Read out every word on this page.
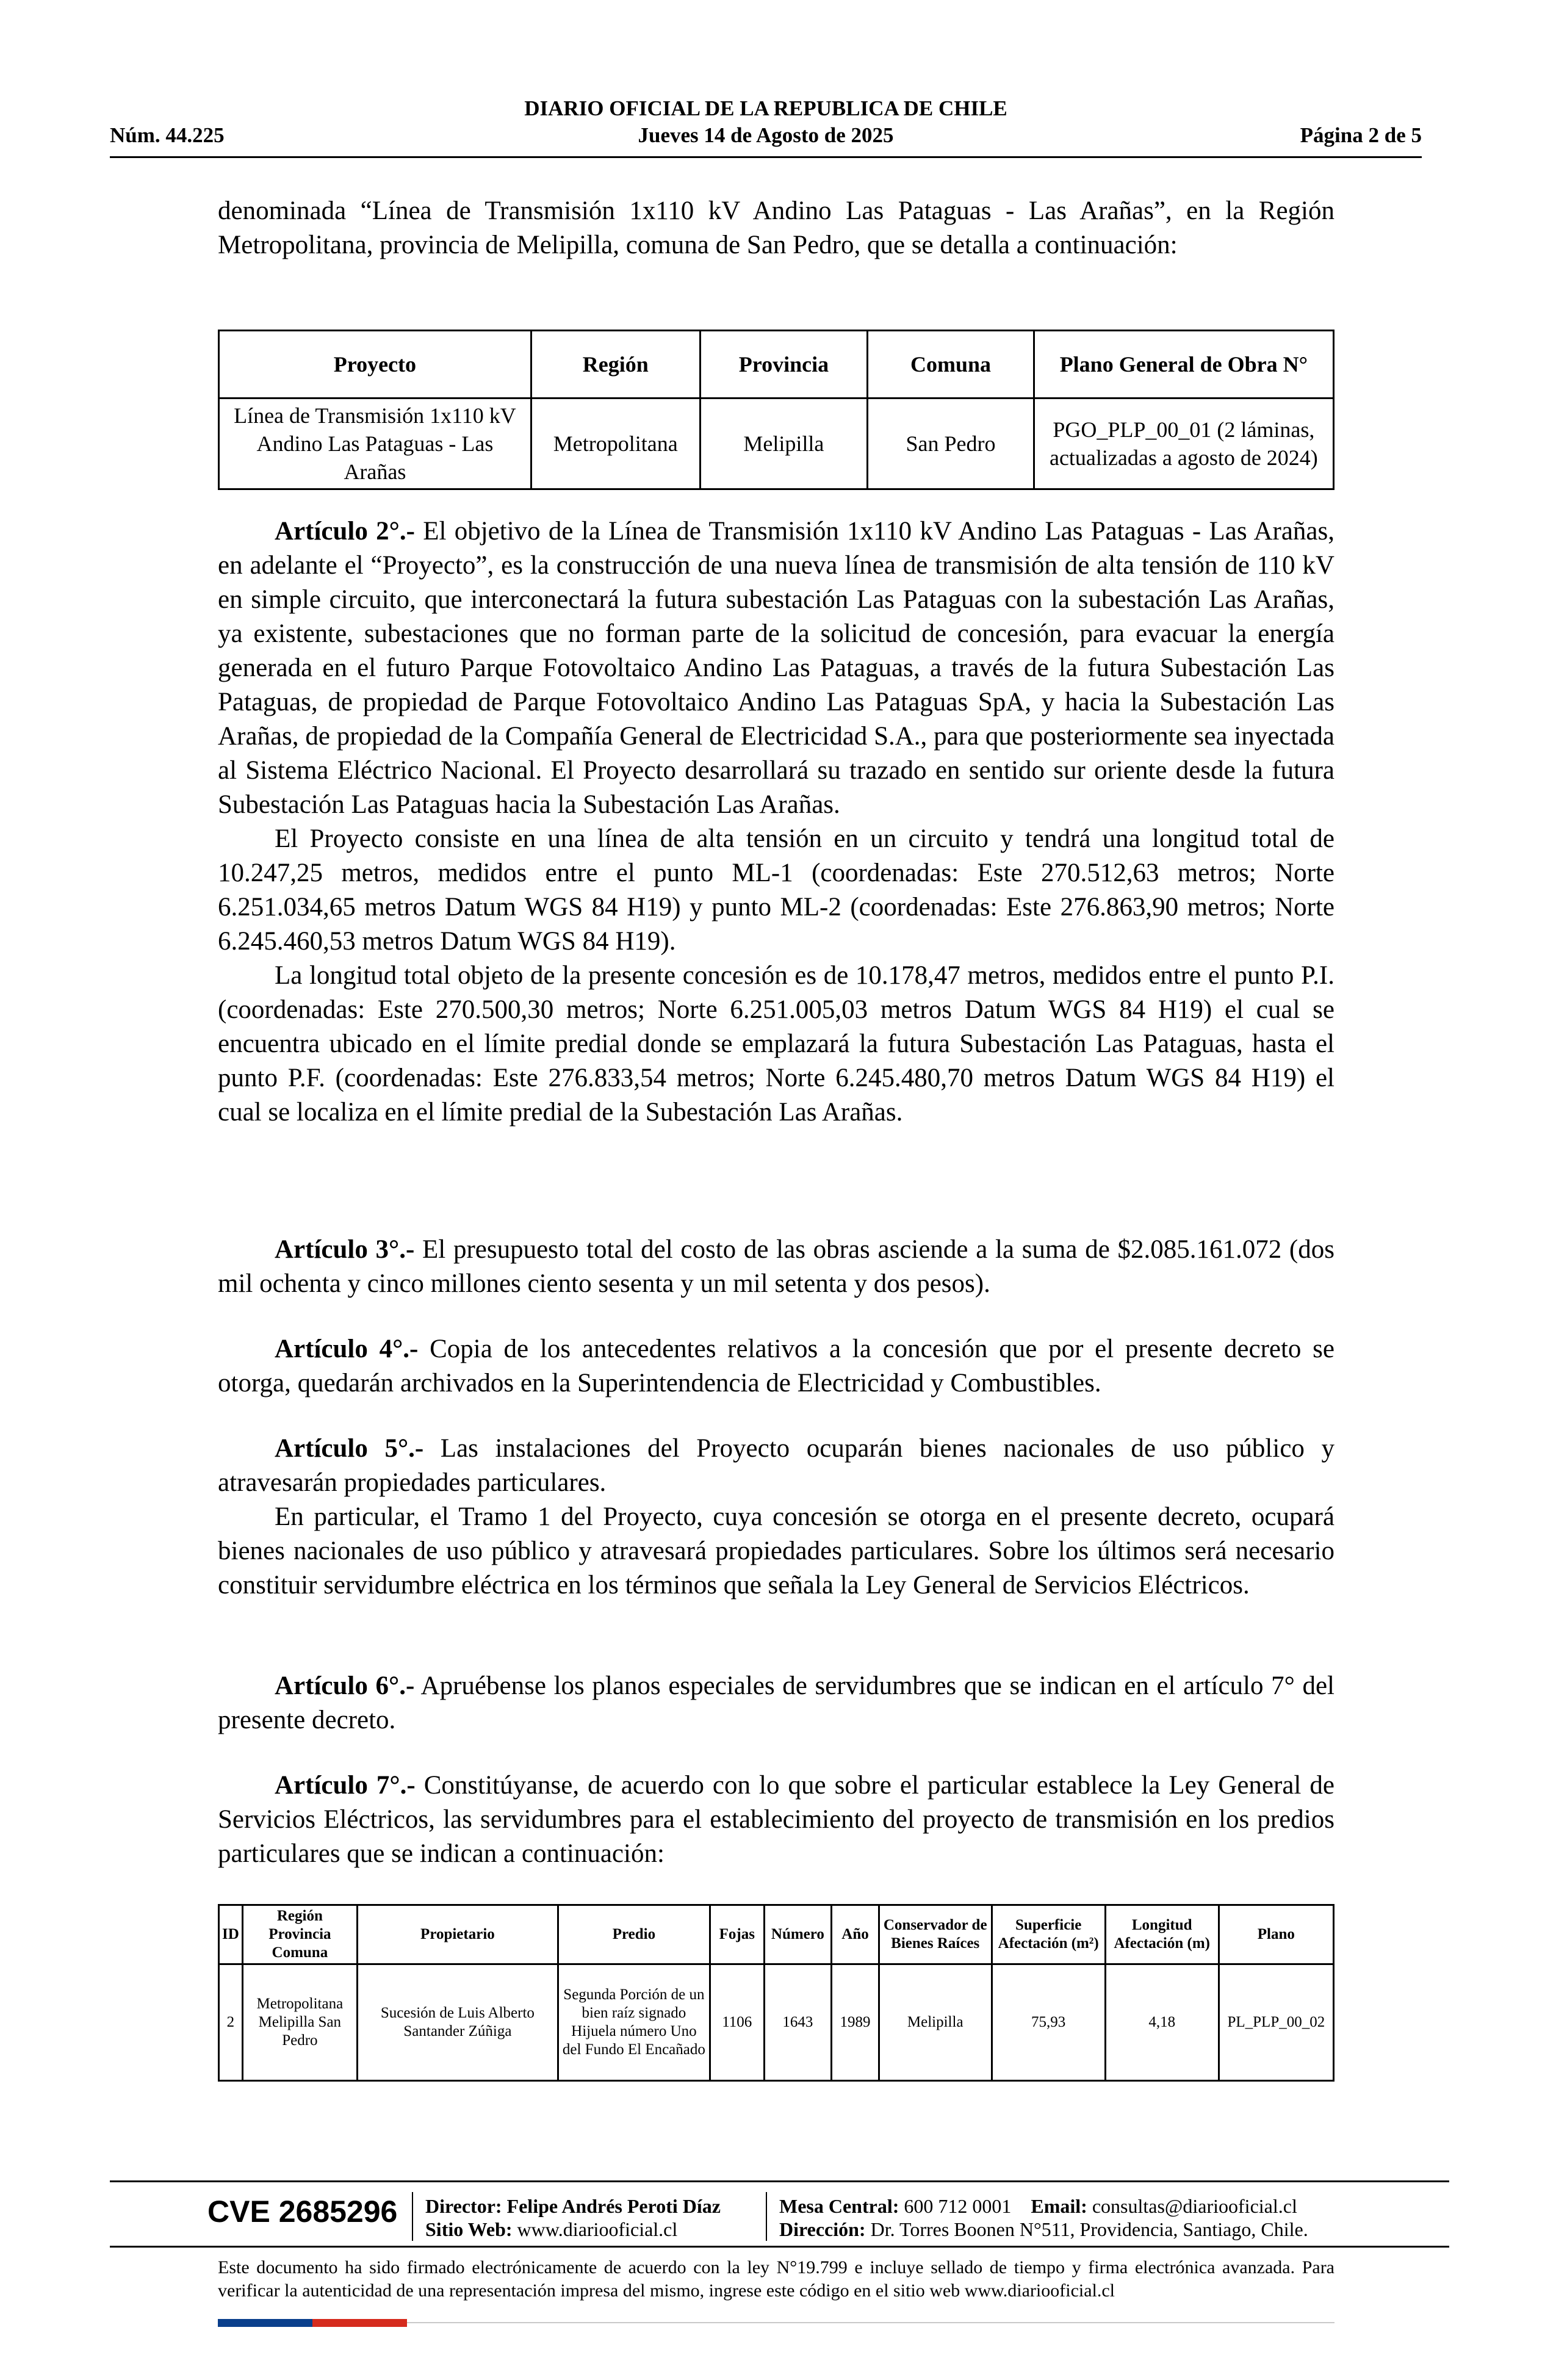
DIARIO OFICIAL DE LA REPUBLICA DE CHILE
Núm. 44.225	Jueves 14 de Agosto de 2025	Página 2 de 5

denominada “Línea de Transmisión 1x110 kV Andino Las Pataguas - Las Arañas”, en la Región Metropolitana, provincia de Melipilla, comuna de San Pedro, que se detalla a continuación:

Proyecto	Región	Provincia	Comuna	Plano General de Obra N°
Línea de Transmisión 1x110 kV Andino Las Pataguas - Las Arañas	Metropolitana	Melipilla	San Pedro	PGO_PLP_00_01 (2 láminas, actualizadas a agosto de 2024)

Artículo 2°.- El objetivo de la Línea de Transmisión 1x110 kV Andino Las Pataguas - Las Arañas, en adelante el “Proyecto”, es la construcción de una nueva línea de transmisión de alta tensión de 110 kV en simple circuito, que interconectará la futura subestación Las Pataguas con la subestación Las Arañas, ya existente, subestaciones que no forman parte de la solicitud de concesión, para evacuar la energía generada en el futuro Parque Fotovoltaico Andino Las Pataguas, a través de la futura Subestación Las Pataguas, de propiedad de Parque Fotovoltaico Andino Las Pataguas SpA, y hacia la Subestación Las Arañas, de propiedad de la Compañía General de Electricidad S.A., para que posteriormente sea inyectada al Sistema Eléctrico Nacional. El Proyecto desarrollará su trazado en sentido sur oriente desde la futura Subestación Las Pataguas hacia la Subestación Las Arañas.

El Proyecto consiste en una línea de alta tensión en un circuito y tendrá una longitud total de 10.247,25 metros, medidos entre el punto ML-1 (coordenadas: Este 270.512,63 metros; Norte 6.251.034,65 metros Datum WGS 84 H19) y punto ML-2 (coordenadas: Este 276.863,90 metros; Norte 6.245.460,53 metros Datum WGS 84 H19).

La longitud total objeto de la presente concesión es de 10.178,47 metros, medidos entre el punto P.I. (coordenadas: Este 270.500,30 metros; Norte 6.251.005,03 metros Datum WGS 84 H19) el cual se encuentra ubicado en el límite predial donde se emplazará la futura Subestación Las Pataguas, hasta el punto P.F. (coordenadas: Este 276.833,54 metros; Norte 6.245.480,70 metros Datum WGS 84 H19) el cual se localiza en el límite predial de la Subestación Las Arañas.

Artículo 3°.- El presupuesto total del costo de las obras asciende a la suma de $2.085.161.072 (dos mil ochenta y cinco millones ciento sesenta y un mil setenta y dos pesos).

Artículo 4°.- Copia de los antecedentes relativos a la concesión que por el presente decreto se otorga, quedarán archivados en la Superintendencia de Electricidad y Combustibles.

Artículo 5°.- Las instalaciones del Proyecto ocuparán bienes nacionales de uso público y atravesarán propiedades particulares.

En particular, el Tramo 1 del Proyecto, cuya concesión se otorga en el presente decreto, ocupará bienes nacionales de uso público y atravesará propiedades particulares. Sobre los últimos será necesario constituir servidumbre eléctrica en los términos que señala la Ley General de Servicios Eléctricos.

Artículo 6°.- Apruébense los planos especiales de servidumbres que se indican en el artículo 7° del presente decreto.

Artículo 7°.- Constitúyanse, de acuerdo con lo que sobre el particular establece la Ley General de Servicios Eléctricos, las servidumbres para el establecimiento del proyecto de transmisión en los predios particulares que se indican a continuación:

ID	Región Provincia Comuna	Propietario	Predio	Fojas	Número	Año	Conservador de Bienes Raíces	Superficie Afectación (m²)	Longitud Afectación (m)	Plano
2	Metropolitana Melipilla San Pedro	Sucesión de Luis Alberto Santander Zúñiga	Segunda Porción de un bien raíz signado Hijuela número Uno del Fundo El Encañado	1106	1643	1989	Melipilla	75,93	4,18	PL_PLP_00_02
CVE 2685296 Director: Felipe Andrés Peroti Díaz
Sitio Web: www.diariooficial.cl
Mesa Central: 600 712 0001 Email: consultas@diariooficial.cl
Dirección: Dr. Torres Boonen N°511, Providencia, Santiago, Chile.
Este documento ha sido firmado electrónicamente de acuerdo con la ley N°19.799 e incluye sellado de tiempo y firma electrónica avanzada. Para verificar la autenticidad de una representación impresa del mismo, ingrese este código en el sitio web www.diariooficial.cl
